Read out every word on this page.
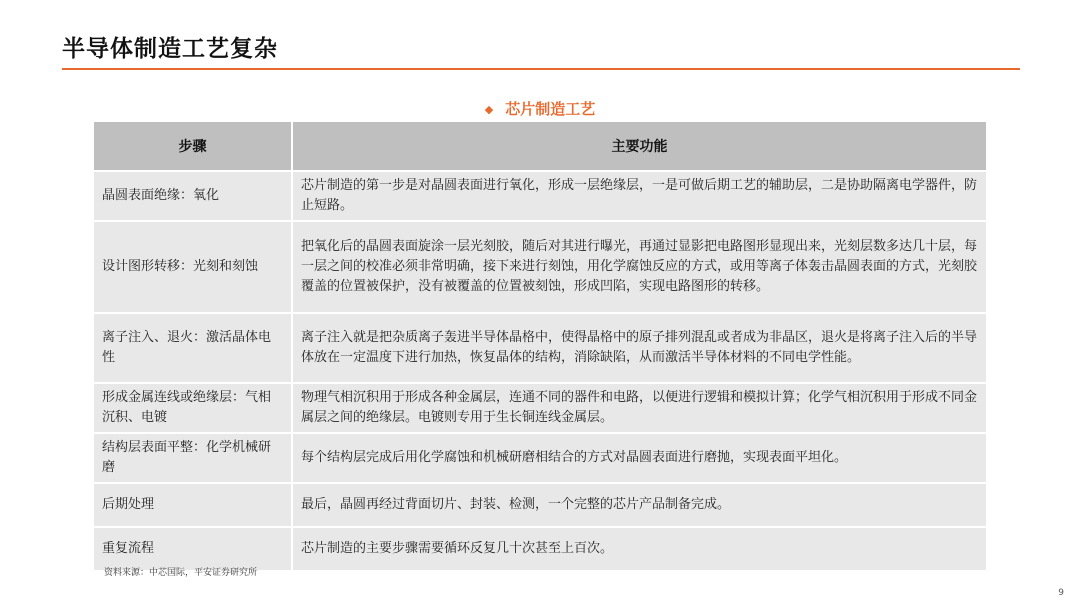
半导体制造工艺复杂
◆ 芯片制造工艺
步骤	主要功能
晶圆表面绝缘：氧化	芯片制造的第一步是对晶圆表面进行氧化，形成一层绝缘层，一是可做后期工艺的辅助层，二是协助隔离电学器件，防止短路。
设计图形转移：光刻和刻蚀	把氧化后的晶圆表面旋涂一层光刻胶，随后对其进行曝光，再通过显影把电路图形显现出来，光刻层数多达几十层，每一层之间的校准必须非常明确，接下来进行刻蚀，用化学腐蚀反应的方式，或用等离子体轰击晶圆表面的方式，光刻胶覆盖的位置被保护，没有被覆盖的位置被刻蚀，形成凹陷，实现电路图形的转移。
离子注入、退火：激活晶体电性	离子注入就是把杂质离子轰进半导体晶格中，使得晶格中的原子排列混乱或者成为非晶区，退火是将离子注入后的半导体放在一定温度下进行加热，恢复晶体的结构，消除缺陷，从而激活半导体材料的不同电学性能。
形成金属连线或绝缘层：气相沉积、电镀	物理气相沉积用于形成各种金属层，连通不同的器件和电路，以便进行逻辑和模拟计算；化学气相沉积用于形成不同金属层之间的绝缘层。电镀则专用于生长铜连线金属层。
结构层表面平整：化学机械研磨	每个结构层完成后用化学腐蚀和机械研磨相结合的方式对晶圆表面进行磨抛，实现表面平坦化。
后期处理	最后，晶圆再经过背面切片、封装、检测，一个完整的芯片产品制备完成。
重复流程	芯片制造的主要步骤需要循环反复几十次甚至上百次。
资料来源：中芯国际，平安证券研究所
9
